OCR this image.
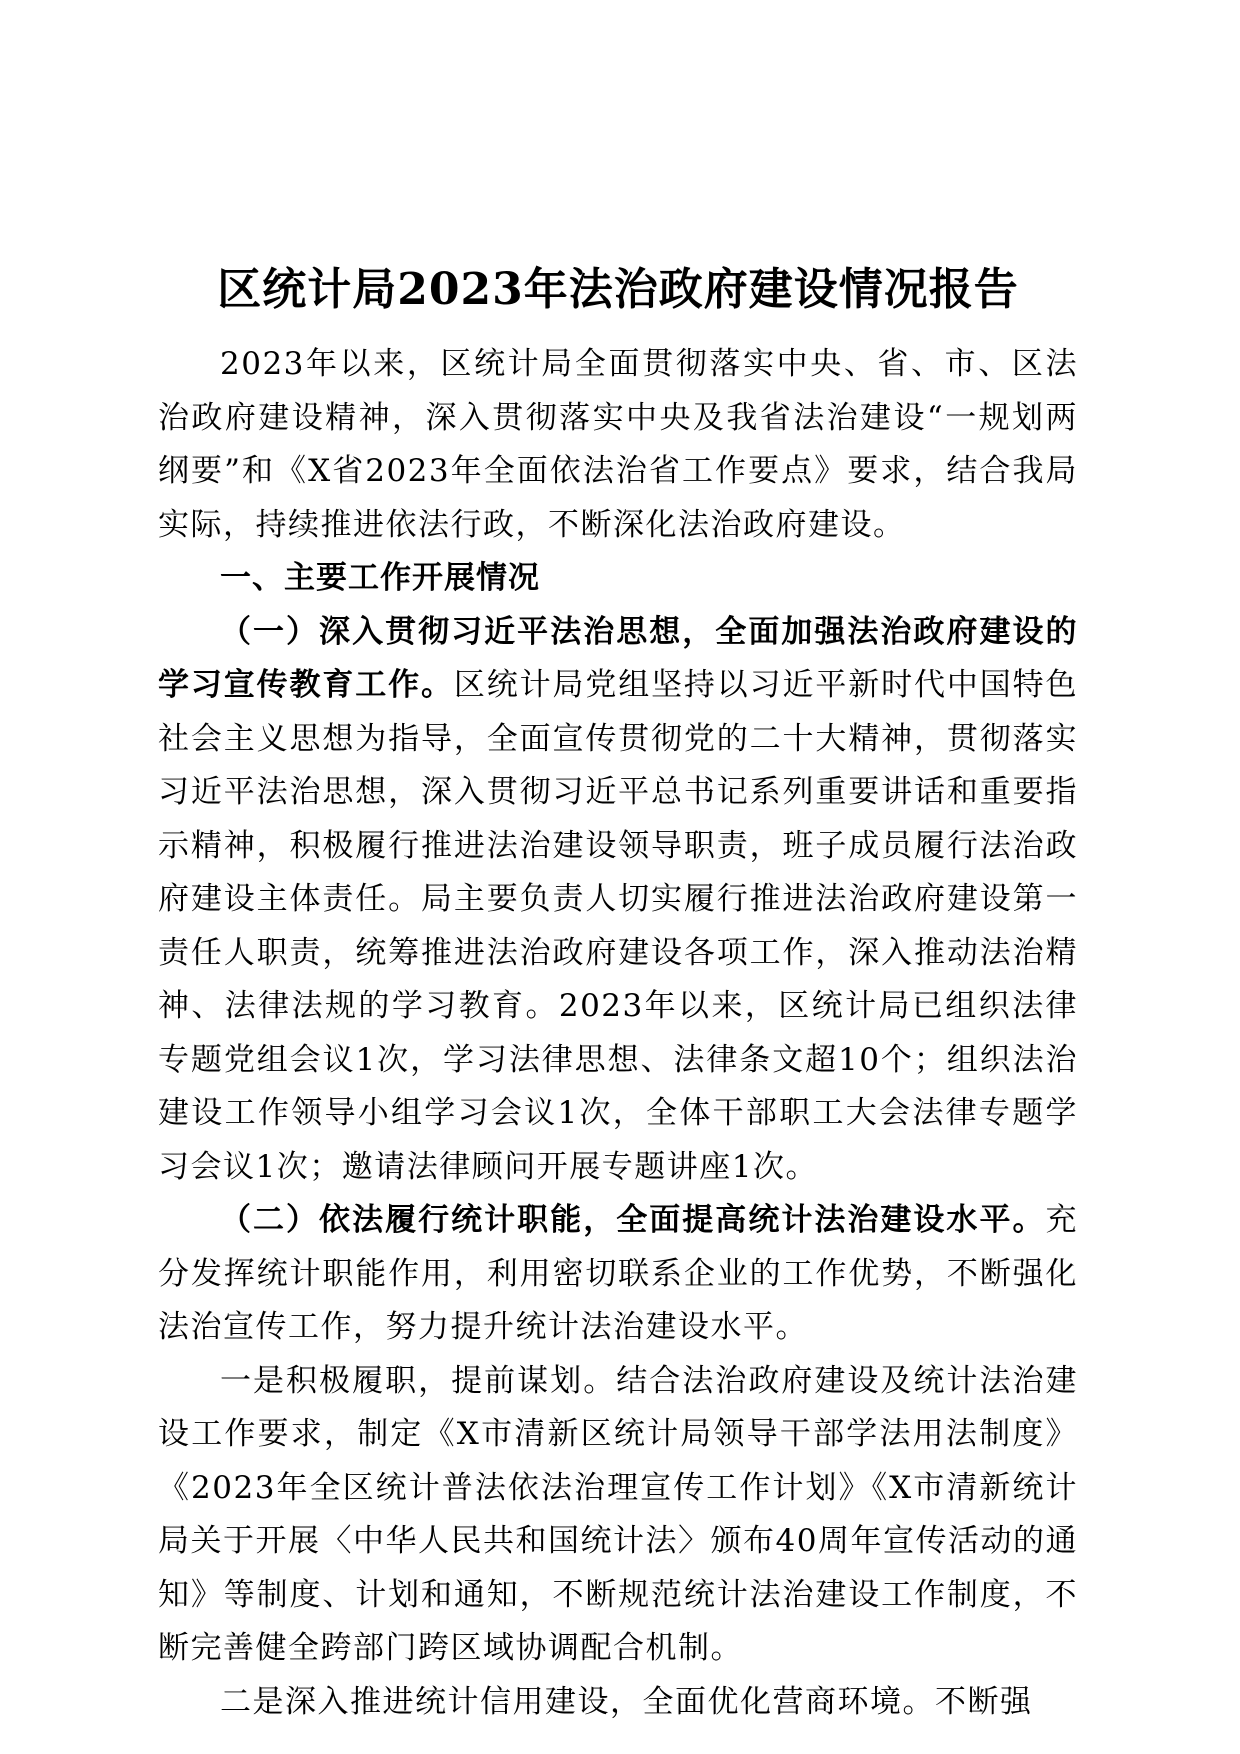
区统计局2023年法治政府建设情况报告

2023年以来，区统计局全面贯彻落实中央、省、市、区法治政府建设精神，深入贯彻落实中央及我省法治建设“一规划两纲要”和《X省2023年全面依法治省工作要点》要求，结合我局实际，持续推进依法行政，不断深化法治政府建设。

一、主要工作开展情况

（一）深入贯彻习近平法治思想，全面加强法治政府建设的学习宣传教育工作。区统计局党组坚持以习近平新时代中国特色社会主义思想为指导，全面宣传贯彻党的二十大精神，贯彻落实习近平法治思想，深入贯彻习近平总书记系列重要讲话和重要指示精神，积极履行推进法治建设领导职责，班子成员履行法治政府建设主体责任。局主要负责人切实履行推进法治政府建设第一责任人职责，统筹推进法治政府建设各项工作，深入推动法治精神、法律法规的学习教育。2023年以来，区统计局已组织法律专题党组会议1次，学习法律思想、法律条文超10个；组织法治建设工作领导小组学习会议1次，全体干部职工大会法律专题学习会议1次；邀请法律顾问开展专题讲座1次。

（二）依法履行统计职能，全面提高统计法治建设水平。充分发挥统计职能作用，利用密切联系企业的工作优势，不断强化法治宣传工作，努力提升统计法治建设水平。

一是积极履职，提前谋划。结合法治政府建设及统计法治建设工作要求，制定《X市清新区统计局领导干部学法用法制度》《2023年全区统计普法依法治理宣传工作计划》《X市清新统计局关于开展〈中华人民共和国统计法〉颁布40周年宣传活动的通知》等制度、计划和通知，不断规范统计法治建设工作制度，不断完善健全跨部门跨区域协调配合机制。

二是深入推进统计信用建设，全面优化营商环境。不断强
